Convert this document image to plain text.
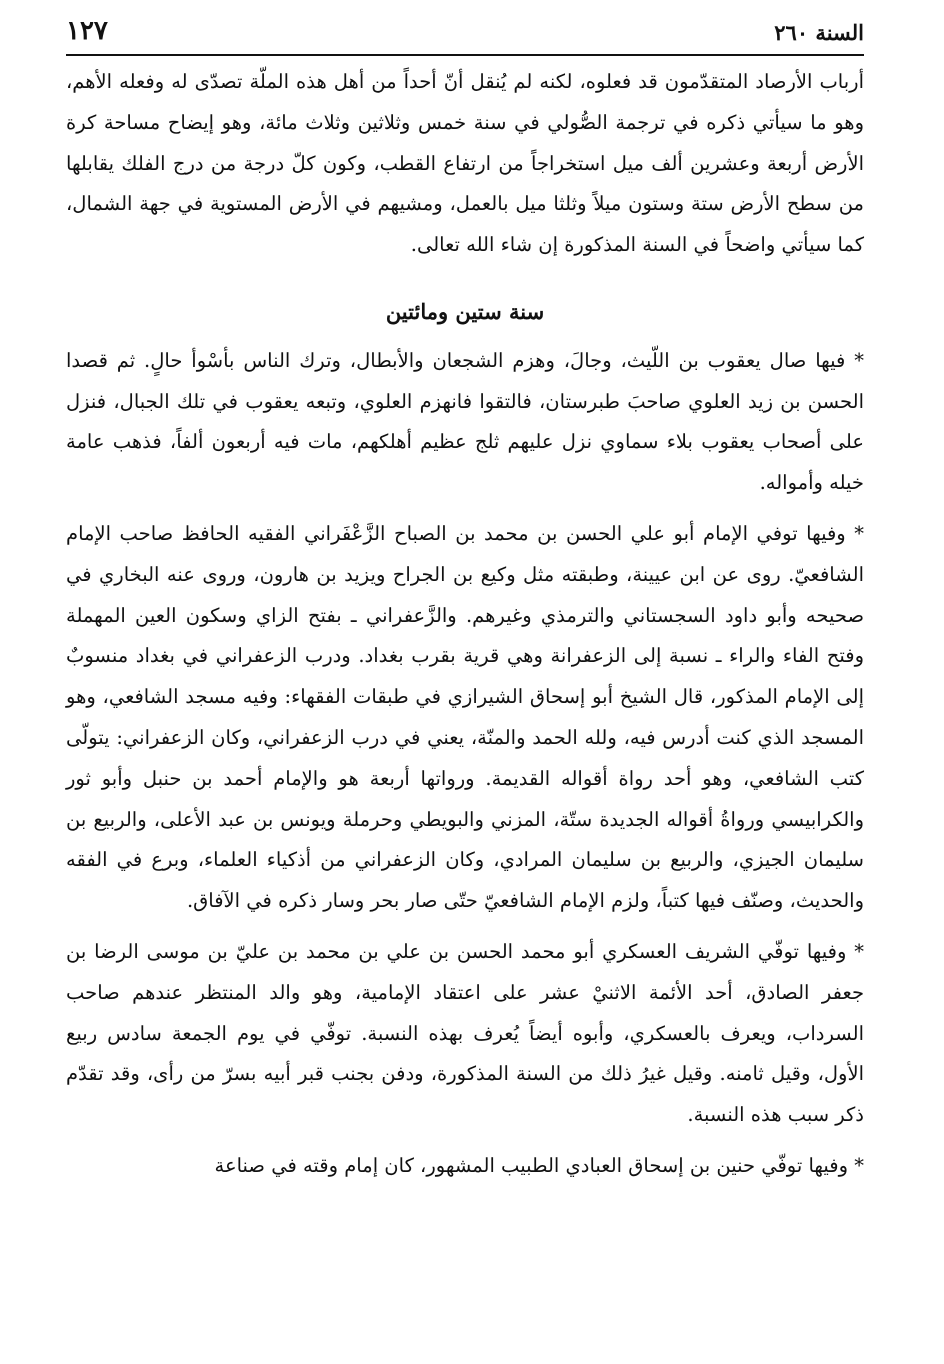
السنة ٢٦٠
١٢٧

أرباب الأرصاد المتقدّمون قد فعلوه، لكنه لم يُنقل أنّ أحداً من أهل هذه الملّة تصدّى له وفعله الأهم، وهو ما سيأتي ذكره في ترجمة الصُّولي في سنة خمس وثلاثين وثلاث مائة، وهو إيضاح مساحة كرة الأرض أربعة وعشرين ألف ميل استخراجاً من ارتفاع القطب، وكون كلّ درجة من درج الفلك يقابلها من سطح الأرض ستة وستون ميلاً وثلثا ميل بالعمل، ومشيهم في الأرض المستوية في جهة الشمال، كما سيأتي واضحاً في السنة المذكورة إن شاء الله تعالى.

سنة ستين ومائتين

* فيها صال يعقوب بن اللّيث، وجالَ، وهزم الشجعان والأبطال، وترك الناس بأسْوأ حالٍ. ثم قصدا الحسن بن زيد العلوي صاحبَ طبرستان، فالتقوا فانهزم العلوي، وتبعه يعقوب في تلك الجبال، فنزل على أصحاب يعقوب بلاء سماوي نزل عليهم ثلج عظيم أهلكهم، مات فيه أربعون ألفاً، فذهب عامة خيله وأمواله.

* وفيها توفي الإمام أبو علي الحسن بن محمد بن الصباح الزَّعْفَراني الفقيه الحافظ صاحب الإمام الشافعيّ. روى عن ابن عيينة، وطبقته مثل وكيع بن الجراح ويزيد بن هارون، وروى عنه البخاري في صحيحه وأبو داود السجستاني والترمذي وغيرهم. والزَّعفراني ـ بفتح الزاي وسكون العين المهملة وفتح الفاء والراء ـ نسبة إلى الزعفرانة وهي قرية بقرب بغداد. ودرب الزعفراني في بغداد منسوبٌ إلى الإمام المذكور، قال الشيخ أبو إسحاق الشيرازي في طبقات الفقهاء: وفيه مسجد الشافعي، وهو المسجد الذي كنت أدرس فيه، ولله الحمد والمنّة، يعني في درب الزعفراني، وكان الزعفراني: يتولّى كتب الشافعي، وهو أحد رواة أقواله القديمة. ورواتها أربعة هو والإمام أحمد بن حنبل وأبو ثور والكرابيسي ورواةُ أقواله الجديدة ستّة، المزني والبويطي وحرملة ويونس بن عبد الأعلى، والربيع بن سليمان الجيزي، والربيع بن سليمان المرادي، وكان الزعفراني من أذكياء العلماء، وبرع في الفقه والحديث، وصنّف فيها كتباً، ولزم الإمام الشافعيّ حتّى صار بحر وسار ذكره في الآفاق.

* وفيها توفّي الشريف العسكري أبو محمد الحسن بن علي بن محمد بن عليّ بن موسى الرضا بن جعفر الصادق، أحد الأئمة الاثنيْ عشر على اعتقاد الإمامية، وهو والد المنتظر عندهم صاحب السرداب، ويعرف بالعسكري، وأبوه أيضاً يُعرف بهذه النسبة. توفّي في يوم الجمعة سادس ربيع الأول، وقيل ثامنه. وقيل غيرُ ذلك من السنة المذكورة، ودفن بجنب قبر أبيه بسرّ من رأى، وقد تقدّم ذكر سبب هذه النسبة.

* وفيها توفّي حنين بن إسحاق العبادي الطبيب المشهور، كان إمام وقته في صناعة
